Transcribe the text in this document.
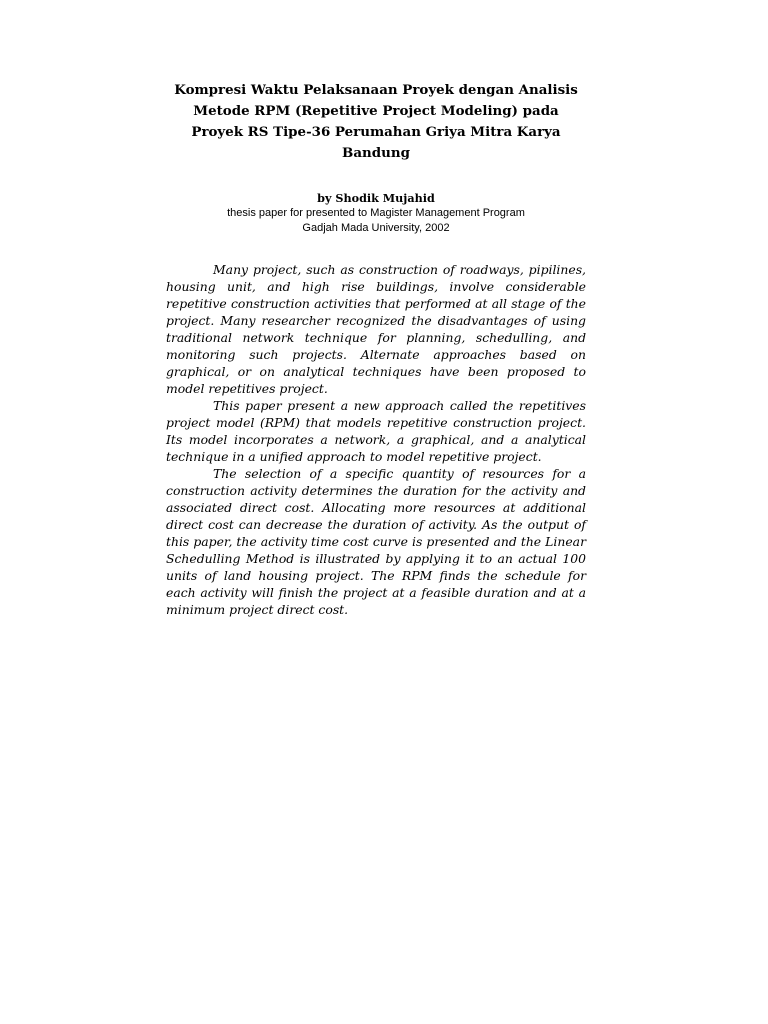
Kompresi Waktu Pelaksanaan Proyek dengan Analisis Metode RPM (Repetitive Project Modeling) pada Proyek RS Tipe-36 Perumahan Griya Mitra Karya Bandung
by Shodik Mujahid
thesis paper for presented to Magister Management Program
Gadjah Mada University, 2002

Many project, such as construction of roadways, pipilines, housing unit, and high rise buildings, involve considerable repetitive construction activities that performed at all stage of the project. Many researcher recognized the disadvantages of using traditional network technique for planning, schedulling, and monitoring such projects. Alternate approaches based on graphical, or on analytical techniques have been proposed to model repetitives project.

This paper present a new approach called the repetitives project model (RPM) that models repetitive construction project. Its model incorporates a network, a graphical, and a analytical technique in a unified approach to model repetitive project.

The selection of a specific quantity of resources for a construction activity determines the duration for the activity and associated direct cost. Allocating more resources at additional direct cost can decrease the duration of activity. As the output of this paper, the activity time cost curve is presented and the Linear Schedulling Method is illustrated by applying it to an actual 100 units of land housing project. The RPM finds the schedule for each activity will finish the project at a feasible duration and at a minimum project direct cost.
